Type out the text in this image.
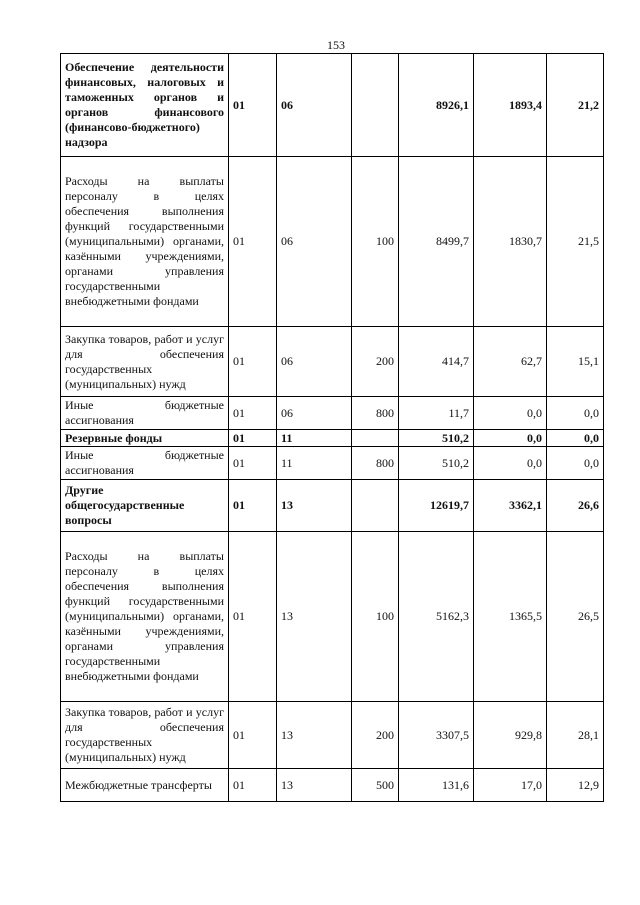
153
Обеспечение деятельности финансовых, налоговых и таможенных органов и органов финансового (финансово-бюджетного) надзора	01	06		8926,1	1893,4	21,2
Расходы на выплаты персоналу в целях обеспечения выполнения функций государственными (муниципальными) органами, казёнными учреждениями, органами управления государственными внебюджетными фондами	01	06	100	8499,7	1830,7	21,5
Закупка товаров, работ и услуг для обеспечения государственных (муниципальных) нужд	01	06	200	414,7	62,7	15,1
Иные бюджетные ассигнования	01	06	800	11,7	0,0	0,0
Резервные фонды	01	11		510,2	0,0	0,0
Иные бюджетные ассигнования	01	11	800	510,2	0,0	0,0
Другие общегосударственные вопросы	01	13		12619,7	3362,1	26,6
Расходы на выплаты персоналу в целях обеспечения выполнения функций государственными (муниципальными) органами, казёнными учреждениями, органами управления государственными внебюджетными фондами	01	13	100	5162,3	1365,5	26,5
Закупка товаров, работ и услуг для обеспечения государственных (муниципальных) нужд	01	13	200	3307,5	929,8	28,1
Межбюджетные трансферты	01	13	500	131,6	17,0	12,9
